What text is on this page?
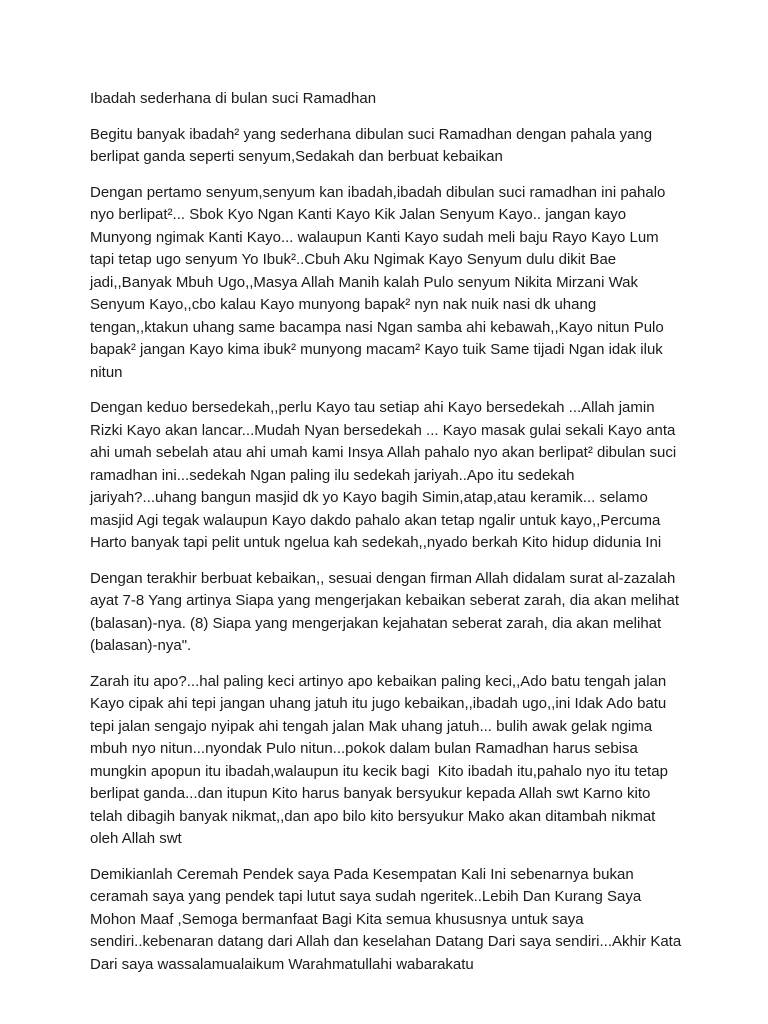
Ibadah sederhana di bulan suci Ramadhan

Begitu banyak ibadah² yang sederhana dibulan suci Ramadhan dengan pahala yang berlipat ganda seperti senyum,Sedakah dan berbuat kebaikan

Dengan pertamo senyum,senyum kan ibadah,ibadah dibulan suci ramadhan ini pahalo nyo berlipat²... Sbok Kyo Ngan Kanti Kayo Kik Jalan Senyum Kayo.. jangan kayo Munyong ngimak Kanti Kayo... walaupun Kanti Kayo sudah meli baju Rayo Kayo Lum tapi tetap ugo senyum Yo Ibuk²..Cbuh Aku Ngimak Kayo Senyum dulu dikit Bae jadi,,Banyak Mbuh Ugo,,Masya Allah Manih kalah Pulo senyum Nikita Mirzani Wak Senyum Kayo,,cbo kalau Kayo munyong bapak² nyn nak nuik nasi dk uhang tengan,,ktakun uhang same bacampa nasi Ngan samba ahi kebawah,,Kayo nitun Pulo bapak² jangan Kayo kima ibuk² munyong macam² Kayo tuik Same tijadi Ngan idak iluk nitun

Dengan keduo bersedekah,,perlu Kayo tau setiap ahi Kayo bersedekah ...Allah jamin Rizki Kayo akan lancar...Mudah Nyan bersedekah ... Kayo masak gulai sekali Kayo anta ahi umah sebelah atau ahi umah kami Insya Allah pahalo nyo akan berlipat² dibulan suci ramadhan ini...sedekah Ngan paling ilu sedekah jariyah..Apo itu sedekah jariyah?...uhang bangun masjid dk yo Kayo bagih Simin,atap,atau keramik... selamo masjid Agi tegak walaupun Kayo dakdo pahalo akan tetap ngalir untuk kayo,,Percuma Harto banyak tapi pelit untuk ngelua kah sedekah,,nyado berkah Kito hidup didunia Ini

Dengan terakhir berbuat kebaikan,, sesuai dengan firman Allah didalam surat al-zazalah ayat 7-8 Yang artinya Siapa yang mengerjakan kebaikan seberat zarah, dia akan melihat (balasan)-nya. (8) Siapa yang mengerjakan kejahatan seberat zarah, dia akan melihat (balasan)-nya".

Zarah itu apo?...hal paling keci artinyo apo kebaikan paling keci,,Ado batu tengah jalan Kayo cipak ahi tepi jangan uhang jatuh itu jugo kebaikan,,ibadah ugo,,ini Idak Ado batu tepi jalan sengajo nyipak ahi tengah jalan Mak uhang jatuh... bulih awak gelak ngima mbuh nyo nitun...nyondak Pulo nitun...pokok dalam bulan Ramadhan harus sebisa mungkin apopun itu ibadah,walaupun itu kecik bagi  Kito ibadah itu,pahalo nyo itu tetap berlipat ganda...dan itupun Kito harus banyak bersyukur kepada Allah swt Karno kito telah dibagih banyak nikmat,,dan apo bilo kito bersyukur Mako akan ditambah nikmat oleh Allah swt

Demikianlah Ceremah Pendek saya Pada Kesempatan Kali Ini sebenarnya bukan ceramah saya yang pendek tapi lutut saya sudah ngeritek..Lebih Dan Kurang Saya Mohon Maaf ,Semoga bermanfaat Bagi Kita semua khususnya untuk saya sendiri..kebenaran datang dari Allah dan keselahan Datang Dari saya sendiri...Akhir Kata Dari saya wassalamualaikum Warahmatullahi wabarakatu
